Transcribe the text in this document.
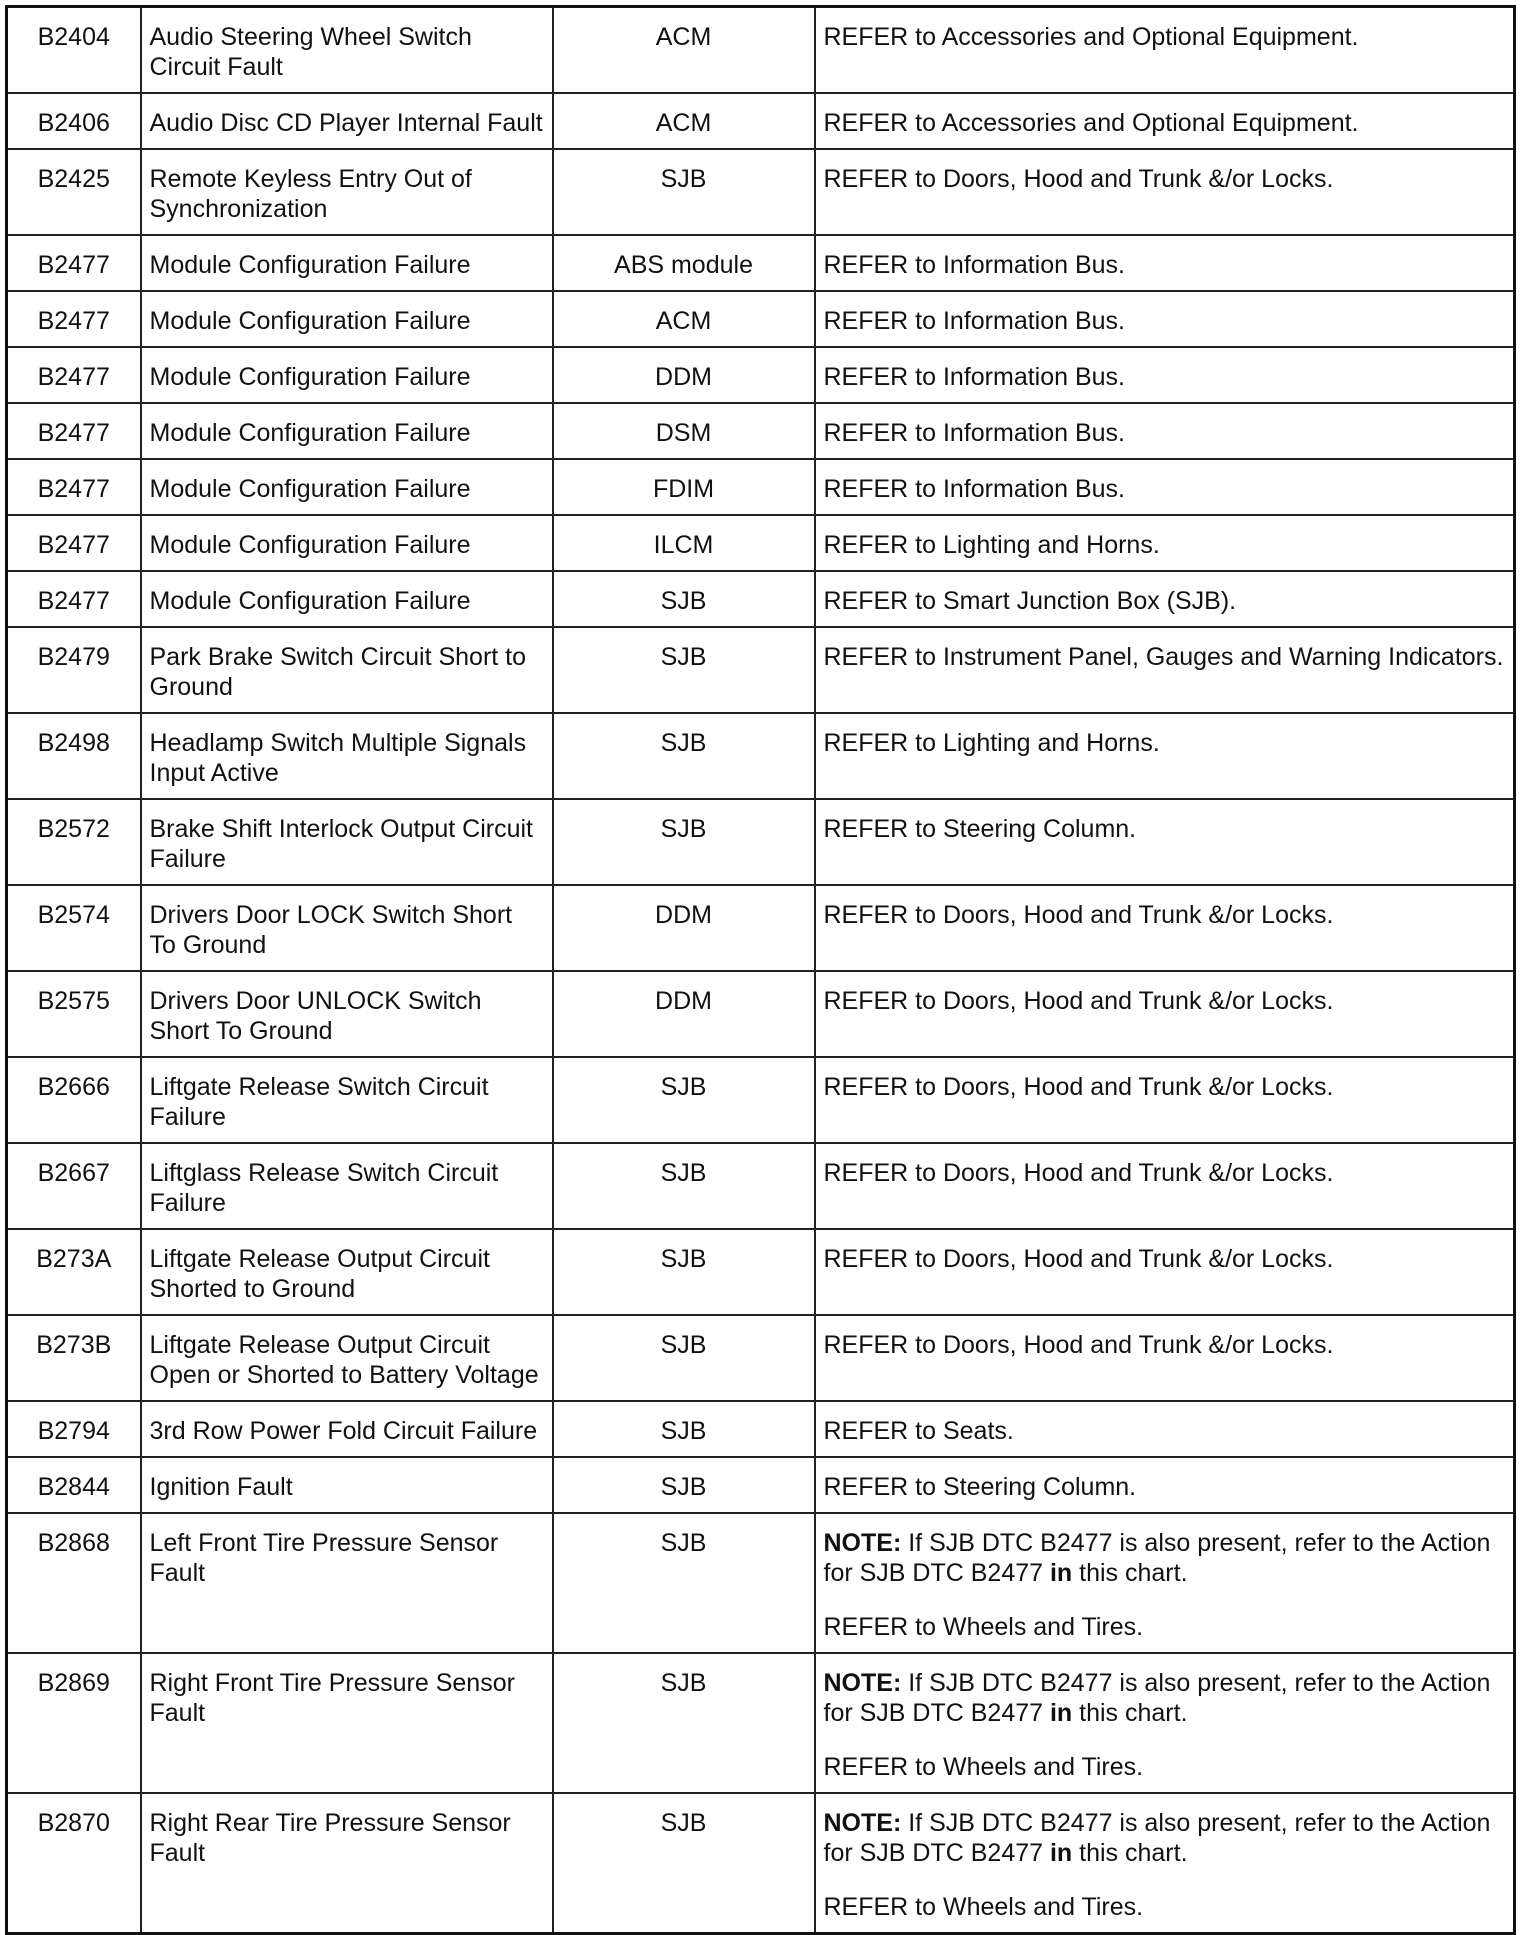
B2404	Audio Steering Wheel Switch Circuit Fault	ACM	REFER to Accessories and Optional Equipment.
B2406	Audio Disc CD Player Internal Fault	ACM	REFER to Accessories and Optional Equipment.
B2425	Remote Keyless Entry Out of Synchronization	SJB	REFER to Doors, Hood and Trunk &/or Locks.
B2477	Module Configuration Failure	ABS module	REFER to Information Bus.
B2477	Module Configuration Failure	ACM	REFER to Information Bus.
B2477	Module Configuration Failure	DDM	REFER to Information Bus.
B2477	Module Configuration Failure	DSM	REFER to Information Bus.
B2477	Module Configuration Failure	FDIM	REFER to Information Bus.
B2477	Module Configuration Failure	ILCM	REFER to Lighting and Horns.
B2477	Module Configuration Failure	SJB	REFER to Smart Junction Box (SJB).
B2479	Park Brake Switch Circuit Short to Ground	SJB	REFER to Instrument Panel, Gauges and Warning Indicators.
B2498	Headlamp Switch Multiple Signals Input Active	SJB	REFER to Lighting and Horns.
B2572	Brake Shift Interlock Output Circuit Failure	SJB	REFER to Steering Column.
B2574	Drivers Door LOCK Switch Short To Ground	DDM	REFER to Doors, Hood and Trunk &/or Locks.
B2575	Drivers Door UNLOCK Switch Short To Ground	DDM	REFER to Doors, Hood and Trunk &/or Locks.
B2666	Liftgate Release Switch Circuit Failure	SJB	REFER to Doors, Hood and Trunk &/or Locks.
B2667	Liftglass Release Switch Circuit Failure	SJB	REFER to Doors, Hood and Trunk &/or Locks.
B273A	Liftgate Release Output Circuit Shorted to Ground	SJB	REFER to Doors, Hood and Trunk &/or Locks.
B273B	Liftgate Release Output Circuit Open or Shorted to Battery Voltage	SJB	REFER to Doors, Hood and Trunk &/or Locks.
B2794	3rd Row Power Fold Circuit Failure	SJB	REFER to Seats.
B2844	Ignition Fault	SJB	REFER to Steering Column.
B2868	Left Front Tire Pressure Sensor Fault	SJB	NOTE: If SJB DTC B2477 is also present, refer to the Action for SJB DTC B2477 in this chart.
REFER to Wheels and Tires.

B2869	Right Front Tire Pressure Sensor Fault	SJB	NOTE: If SJB DTC B2477 is also present, refer to the Action for SJB DTC B2477 in this chart.
REFER to Wheels and Tires.

B2870	Right Rear Tire Pressure Sensor Fault	SJB	NOTE: If SJB DTC B2477 is also present, refer to the Action for SJB DTC B2477 in this chart.
REFER to Wheels and Tires.
